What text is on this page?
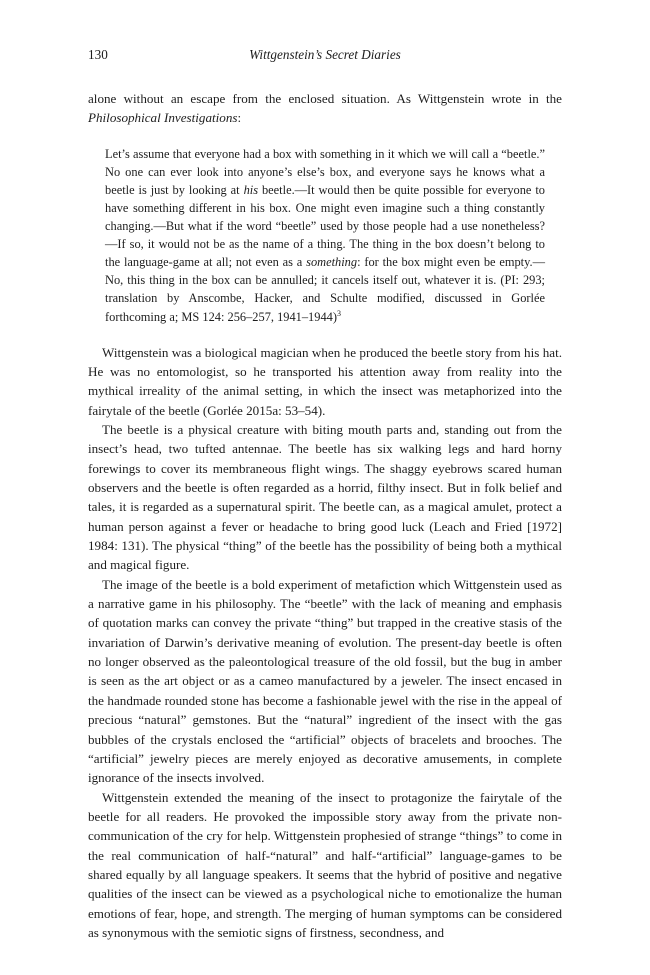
130	Wittgenstein’s Secret Diaries

alone without an escape from the enclosed situation. As Wittgenstein wrote in the Philosophical Investigations:

Let’s assume that everyone had a box with something in it which we will call a “beetle.” No one can ever look into anyone’s else’s box, and everyone says he knows what a beetle is just by looking at his beetle.—It would then be quite possible for everyone to have something different in his box. One might even imagine such a thing constantly changing.—But what if the word “beetle” used by those people had a use nonetheless?—If so, it would not be as the name of a thing. The thing in the box doesn’t belong to the language-game at all; not even as a something: for the box might even be empty.—No, this thing in the box can be annulled; it cancels itself out, whatever it is. (PI: 293; translation by Anscombe, Hacker, and Schulte modified, discussed in Gorlée forthcoming a; MS 124: 256–257, 1941–1944)$^3$

Wittgenstein was a biological magician when he produced the beetle story from his hat. He was no entomologist, so he transported his attention away from reality into the mythical irreality of the animal setting, in which the insect was metaphorized into the fairytale of the beetle (Gorlée 2015a: 53–54).

The beetle is a physical creature with biting mouth parts and, standing out from the insect’s head, two tufted antennae. The beetle has six walking legs and hard horny forewings to cover its membraneous flight wings. The shaggy eyebrows scared human observers and the beetle is often regarded as a horrid, filthy insect. But in folk belief and tales, it is regarded as a supernatural spirit. The beetle can, as a magical amulet, protect a human person against a fever or headache to bring good luck (Leach and Fried [1972] 1984: 131). The physical “thing” of the beetle has the possibility of being both a mythical and magical figure.

The image of the beetle is a bold experiment of metafiction which Wittgenstein used as a narrative game in his philosophy. The “beetle” with the lack of meaning and emphasis of quotation marks can convey the private “thing” but trapped in the creative stasis of the invariation of Darwin’s derivative meaning of evolution. The present-day beetle is often no longer observed as the paleontological treasure of the old fossil, but the bug in amber is seen as the art object or as a cameo manufactured by a jeweler. The insect encased in the handmade rounded stone has become a fashionable jewel with the rise in the appeal of precious “natural” gemstones. But the “natural” ingredient of the insect with the gas bubbles of the crystals enclosed the “artificial” objects of bracelets and brooches. The “artificial” jewelry pieces are merely enjoyed as decorative amusements, in complete ignorance of the insects involved.

Wittgenstein extended the meaning of the insect to protagonize the fairytale of the beetle for all readers. He provoked the impossible story away from the private non-communication of the cry for help. Wittgenstein prophesied of strange “things” to come in the real communication of half-“natural” and half-“artificial” language-games to be shared equally by all language speakers. It seems that the hybrid of positive and negative qualities of the insect can be viewed as a psychological niche to emotionalize the human emotions of fear, hope, and strength. The merging of human symptoms can be considered as synonymous with the semiotic signs of firstness, secondness, and
